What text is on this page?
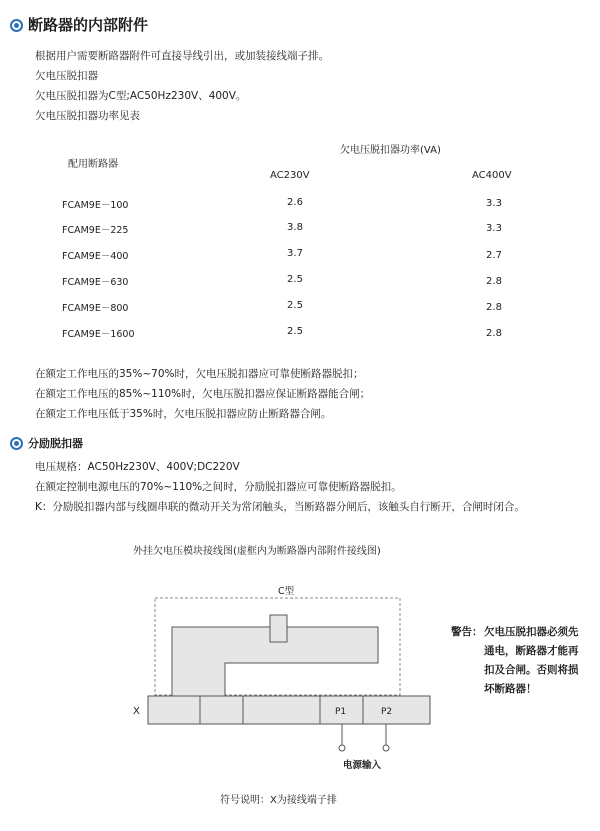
断路器的内部附件
根据用户需要断路器附件可直接导线引出，或加装接线端子排。
欠电压脱扣器
欠电压脱扣器为C型;AC50Hz230V、400V。
欠电压脱扣器功率见表
欠电压脱扣器功率(VA)
配用断路器
AC230V	AC400V
FCAM9E－100	2.6	3.3
FCAM9E－225	3.8	3.3
FCAM9E－400	3.7	2.7
FCAM9E－630	2.5	2.8
FCAM9E－800	2.5	2.8
FCAM9E－1600	2.5	2.8
在额定工作电压的35%~70%时，欠电压脱扣器应可靠使断路器脱扣；
在额定工作电压的85%~110%时，欠电压脱扣器应保证断路器能合闸；
在额定工作电压低于35%时，欠电压脱扣器应防止断路器合闸。
分励脱扣器
电压规格：AC50Hz230V、400V;DC220V
在额定控制电源电压的70%~110%之间时，分励脱扣器应可靠使断路器脱扣。
K：分励脱扣器内部与线圈串联的微动开关为常闭触头，当断路器分闸后，该触头自行断开，合闸时闭合。
外挂欠电压模块接线图(虚框内为断路器内部附件接线图)
C型
P1	P2
X
电源输入
符号说明：X为接线端子排
警告： 欠电压脱扣器必须先
通电，断路器才能再
扣及合闸。否则将损
坏断路器！
